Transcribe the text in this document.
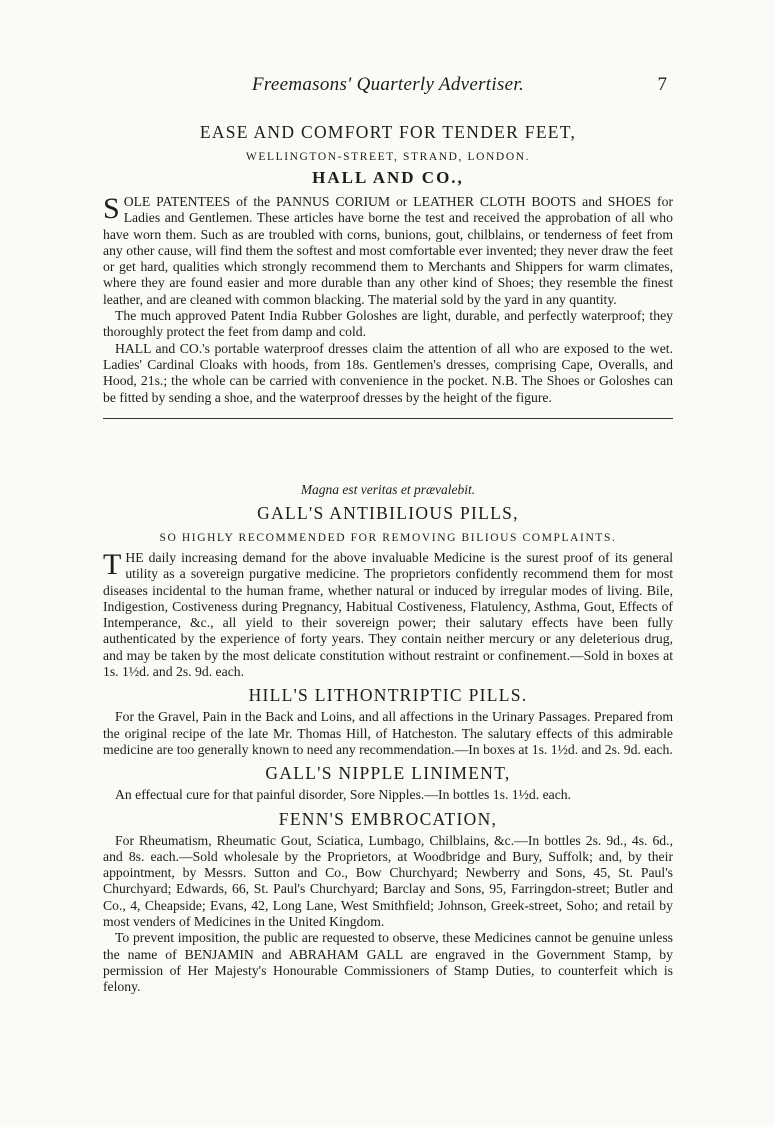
Freemasons' Quarterly Advertiser.	7
EASE AND COMFORT FOR TENDER FEET,
WELLINGTON-STREET, STRAND, LONDON.
HALL AND CO.,

SOLE PATENTEES of the PANNUS CORIUM or LEATHER CLOTH BOOTS and SHOES for Ladies and Gentlemen. These articles have borne the test and received the approbation of all who have worn them. Such as are troubled with corns, bunions, gout, chilblains, or tenderness of feet from any other cause, will find them the softest and most comfortable ever invented; they never draw the feet or get hard, qualities which strongly recommend them to Merchants and Shippers for warm climates, where they are found easier and more durable than any other kind of Shoes; they resemble the finest leather, and are cleaned with common blacking. The material sold by the yard in any quantity.

The much approved Patent India Rubber Goloshes are light, durable, and perfectly waterproof; they thoroughly protect the feet from damp and cold.

HALL and CO.'s portable waterproof dresses claim the attention of all who are exposed to the wet. Ladies' Cardinal Cloaks with hoods, from 18s. Gentlemen's dresses, comprising Cape, Overalls, and Hood, 21s.; the whole can be carried with convenience in the pocket. N.B. The Shoes or Goloshes can be fitted by sending a shoe, and the waterproof dresses by the height of the figure.

Magna est veritas et prævalebit.
GALL'S ANTIBILIOUS PILLS,
SO HIGHLY RECOMMENDED FOR REMOVING BILIOUS COMPLAINTS.

THE daily increasing demand for the above invaluable Medicine is the surest proof of its general utility as a sovereign purgative medicine. The proprietors confidently recommend them for most diseases incidental to the human frame, whether natural or induced by irregular modes of living. Bile, Indigestion, Costiveness during Pregnancy, Habitual Costiveness, Flatulency, Asthma, Gout, Effects of Intemperance, &c., all yield to their sovereign power; their salutary effects have been fully authenticated by the experience of forty years. They contain neither mercury or any deleterious drug, and may be taken by the most delicate constitution without restraint or confinement.—Sold in boxes at 1s. 1½d. and 2s. 9d. each.

HILL'S LITHONTRIPTIC PILLS.

For the Gravel, Pain in the Back and Loins, and all affections in the Urinary Passages. Prepared from the original recipe of the late Mr. Thomas Hill, of Hatcheston. The salutary effects of this admirable medicine are too generally known to need any recommendation.—In boxes at 1s. 1½d. and 2s. 9d. each.

GALL'S NIPPLE LINIMENT,

An effectual cure for that painful disorder, Sore Nipples.—In bottles 1s. 1½d. each.

FENN'S EMBROCATION,

For Rheumatism, Rheumatic Gout, Sciatica, Lumbago, Chilblains, &c.—In bottles 2s. 9d., 4s. 6d., and 8s. each.—Sold wholesale by the Proprietors, at Woodbridge and Bury, Suffolk; and, by their appointment, by Messrs. Sutton and Co., Bow Churchyard; Newberry and Sons, 45, St. Paul's Churchyard; Edwards, 66, St. Paul's Churchyard; Barclay and Sons, 95, Farringdon-street; Butler and Co., 4, Cheapside; Evans, 42, Long Lane, West Smithfield; Johnson, Greek-street, Soho; and retail by most venders of Medicines in the United Kingdom.

To prevent imposition, the public are requested to observe, these Medicines cannot be genuine unless the name of BENJAMIN and ABRAHAM GALL are engraved in the Government Stamp, by permission of Her Majesty's Honourable Commissioners of Stamp Duties, to counterfeit which is felony.
